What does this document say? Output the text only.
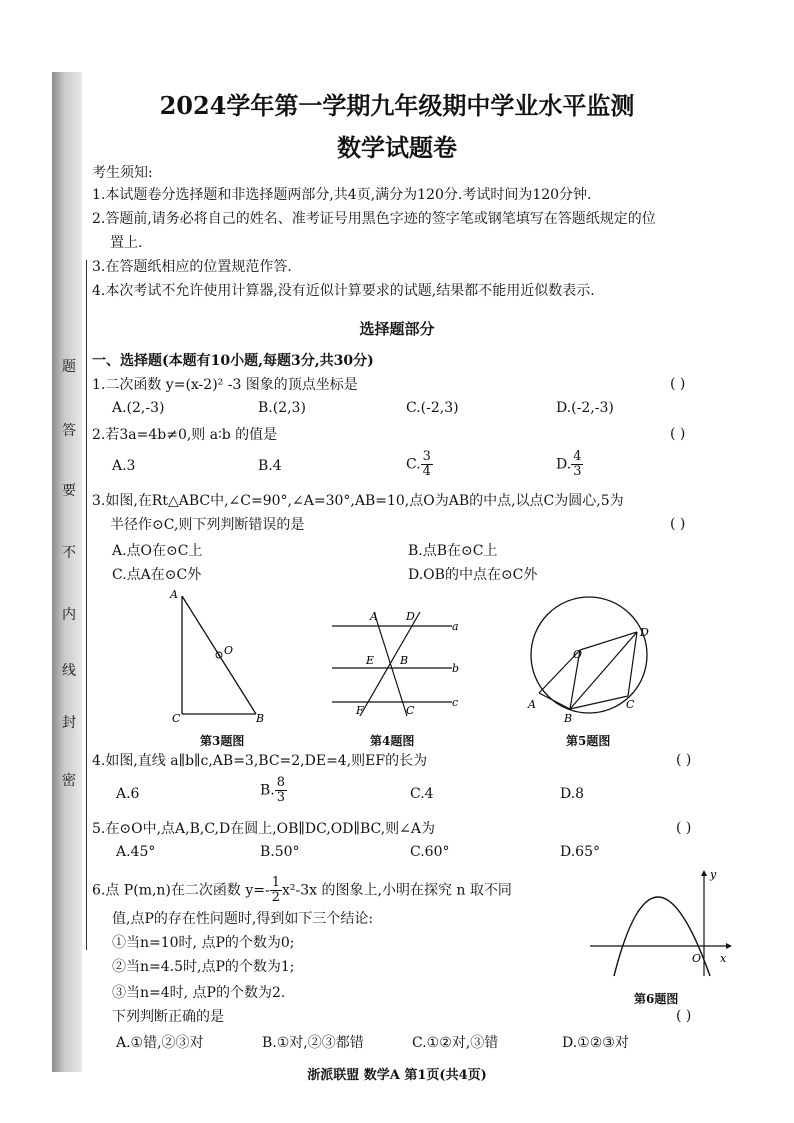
题
答
要
不
内
线
封
密
2024学年第一学期九年级期中学业水平监测
数学试题卷
考生须知:
1.本试题卷分选择题和非选择题两部分,共4页,满分为120分.考试时间为120分钟.
2.答题前,请务必将自己的姓名、准考证号用黑色字迹的签字笔或钢笔填写在答题纸规定的位
置上.
3.在答题纸相应的位置规范作答.
4.本次考试不允许使用计算器,没有近似计算要求的试题,结果都不能用近似数表示.
选择题部分
一、选择题(本题有10小题,每题3分,共30分)
1.二次函数 y=(x-2)² -3 图象的顶点坐标是	( )
A.(2,-3)	B.(2,3)	C.(-2,3)	D.(-2,-3)
2.若3a=4b≠0,则 a∶b 的值是	( )
A.3	B.4	C. $\frac{3}{4}$	D. $\frac{4}{3}$
3.如图,在Rt△ABC中,∠C=90°,∠A=30°,AB=10,点O为AB的中点,以点C为圆心,5为
半径作⊙C,则下列判断错误的是	( )
A.点O在⊙C上	B.点B在⊙C上
C.点A在⊙C外	D.OB的中点在⊙C外
A
O
C	B
第3题图
A	D
a
E B
b
F	C
c
第4题图
O
D
A
B
C
第5题图
4.如图,直线 a∥b∥c,AB=3,BC=2,DE=4,则EF的长为	( )
A.6	B. $\frac{8}{3}$	C.4	D.8
5.在⊙O中,点A,B,C,D在圆上,OB∥DC,OD∥BC,则∠A为	( )
A.45°	B.50°	C.60°	D.65°
6.点 P(m,n)在二次函数 $y=- \frac{1}{2} x^2-3x$ 的图象上,小明在探究 n 取不同
值,点P的存在性问题时,得到如下三个结论:
①当n=10时, 点P的个数为0;
②当n=4.5时,点P的个数为1;
③当n=4时, 点P的个数为2.
下列判断正确的是	( )
A.①错,②③对	B.①对,②③都错	C.①②对,③错	D.①②③对
y
O x
第6题图
浙派联盟 数学A 第1页(共4页)
